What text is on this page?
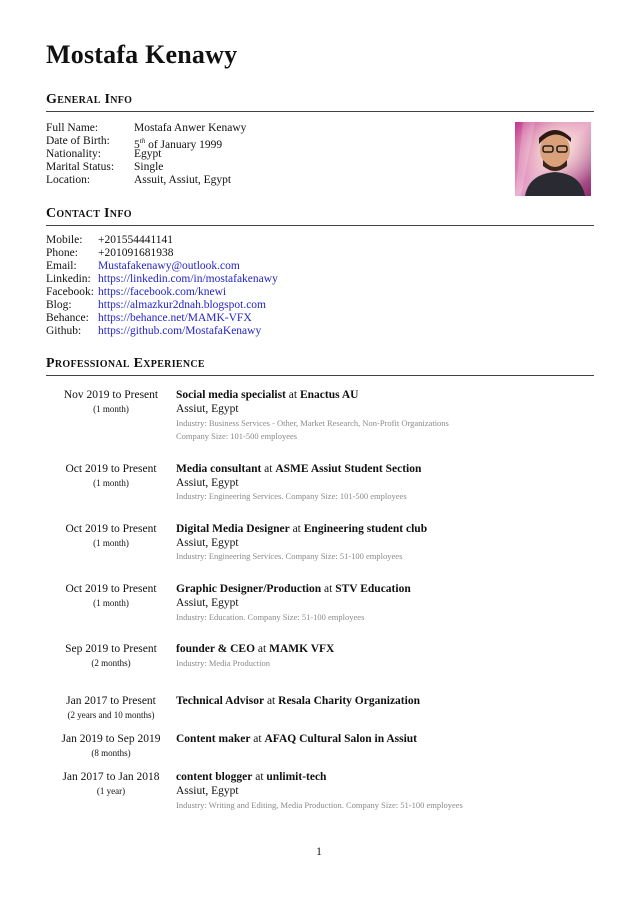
Mostafa Kenawy
General Info
Full Name:	Mostafa Anwer Kenawy
Date of Birth: 5th of January 1999
Nationality:	Egypt
Marital Status: Single
Location:	Assuit, Assiut, Egypt
Contact Info
Mobile: +201554441141
Phone: +201091681938
Email: Mustafakenawy@outlook.com
Linkedin: https://linkedin.com/in/mostafakenawy
Facebook: https://facebook.com/knewi
Blog: https://almazkur2dnah.blogspot.com
Behance: https://behance.net/MAMK-VFX
Github: https://github.com/MostafaKenawy
Professional Experience
Nov 2019 to Present
(1 month)
Social media specialist at Enactus AU
Assiut, Egypt
Industry: Business Services - Other, Market Research, Non-Profit Organizations
Company Size: 101-500 employees
Oct 2019 to Present
(1 month)
Media consultant at ASME Assiut Student Section
Assiut, Egypt
Industry: Engineering Services. Company Size: 101-500 employees
Oct 2019 to Present
(1 month)
Digital Media Designer at Engineering student club
Assiut, Egypt
Industry: Engineering Services. Company Size: 51-100 employees
Oct 2019 to Present
(1 month)
Graphic Designer/Production at STV Education
Assiut, Egypt
Industry: Education. Company Size: 51-100 employees
Sep 2019 to Present
(2 months)
founder & CEO at MAMK VFX
Industry: Media Production
Jan 2017 to Present
(2 years and 10 months)
Technical Advisor at Resala Charity Organization
Jan 2019 to Sep 2019
(8 months)
Content maker at AFAQ Cultural Salon in Assiut
Jan 2017 to Jan 2018
(1 year)
content blogger at unlimit-tech
Assiut, Egypt
Industry: Writing and Editing, Media Production. Company Size: 51-100 employees
1
